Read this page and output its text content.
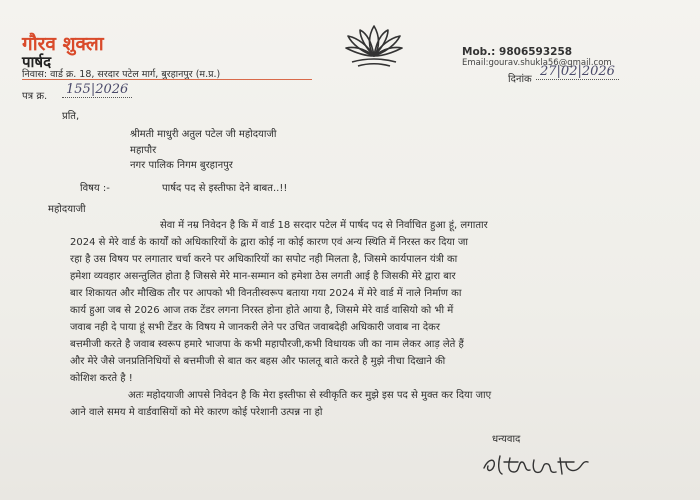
गौरव शुक्ला
पार्षद
निवास: वार्ड क्र. 18, सरदार पटेल मार्ग, बुरहानपुर (म.प्र.)
Mob.: 9806593258
Email:gourav.shukla56@gmail.com
दिनांक
27|02|2026
पत्र क्र.	155|2026
प्रति,
श्रीमती माधुरी अतुल पटेल जी महोदयाजी
महापौर
नगर पालिक निगम बुरहानपुर
विषय :-	पार्षद पद से इस्तीफा देने बाबत..!!
महोदयाजी
सेवा में नम्र निवेदन है कि में वार्ड 18 सरदार पटेल में पार्षद पद से निर्वाचित हुआ हूं, लगातार
2024 से मेरे वार्ड के कार्यों को अधिकारियों के द्वारा कोई ना कोई कारण एवं अन्य स्थिति में निरस्त कर दिया जा
रहा है उस विषय पर लगातार चर्चा करने पर अधिकारियों का सपोट नही मिलता है, जिसमे कार्यपालन यंत्री का
हमेशा व्यवहार असन्तुलित होता है जिससे मेरे मान-सम्मान को हमेशा ठेस लगती आई है जिसकी मेरे द्वारा बार
बार शिकायत और मौखिक तौर पर आपको भी विनतीस्वरूप बताया गया 2024 में मेरे वार्ड में नाले निर्माण का
कार्य हुआ जब से 2026 आज तक टेंडर लगना निरस्त होना होते आया है, जिसमे मेरे वार्ड वासियो को भी में
जवाब नही दे पाया हूं सभी टेंडर के विषय मे जानकरी लेने पर उचित जवाबदेही अधिकारी जवाब ना देकर
बत्तमीजी करते है जवाब स्वरूप हमारे भाजपा के कभी महापौरजी,कभी विधायक जी का नाम लेकर आड़ लेते हैं
और मेरे जैसे जनप्रतिनिधियों से बत्तमीजी से बात कर बहस और फालतू बाते करते है मुझे नीचा दिखाने की
कोशिश करते है !
अतः महोदयाजी आपसे निवेदन है कि मेरा इस्तीफा से स्वीकृति कर मुझे इस पद से मुक्त कर दिया जाए
आने वाले समय मे वार्डवासियों को मेरे कारण कोई परेशानी उत्पन्न ना हो
धन्यवाद
